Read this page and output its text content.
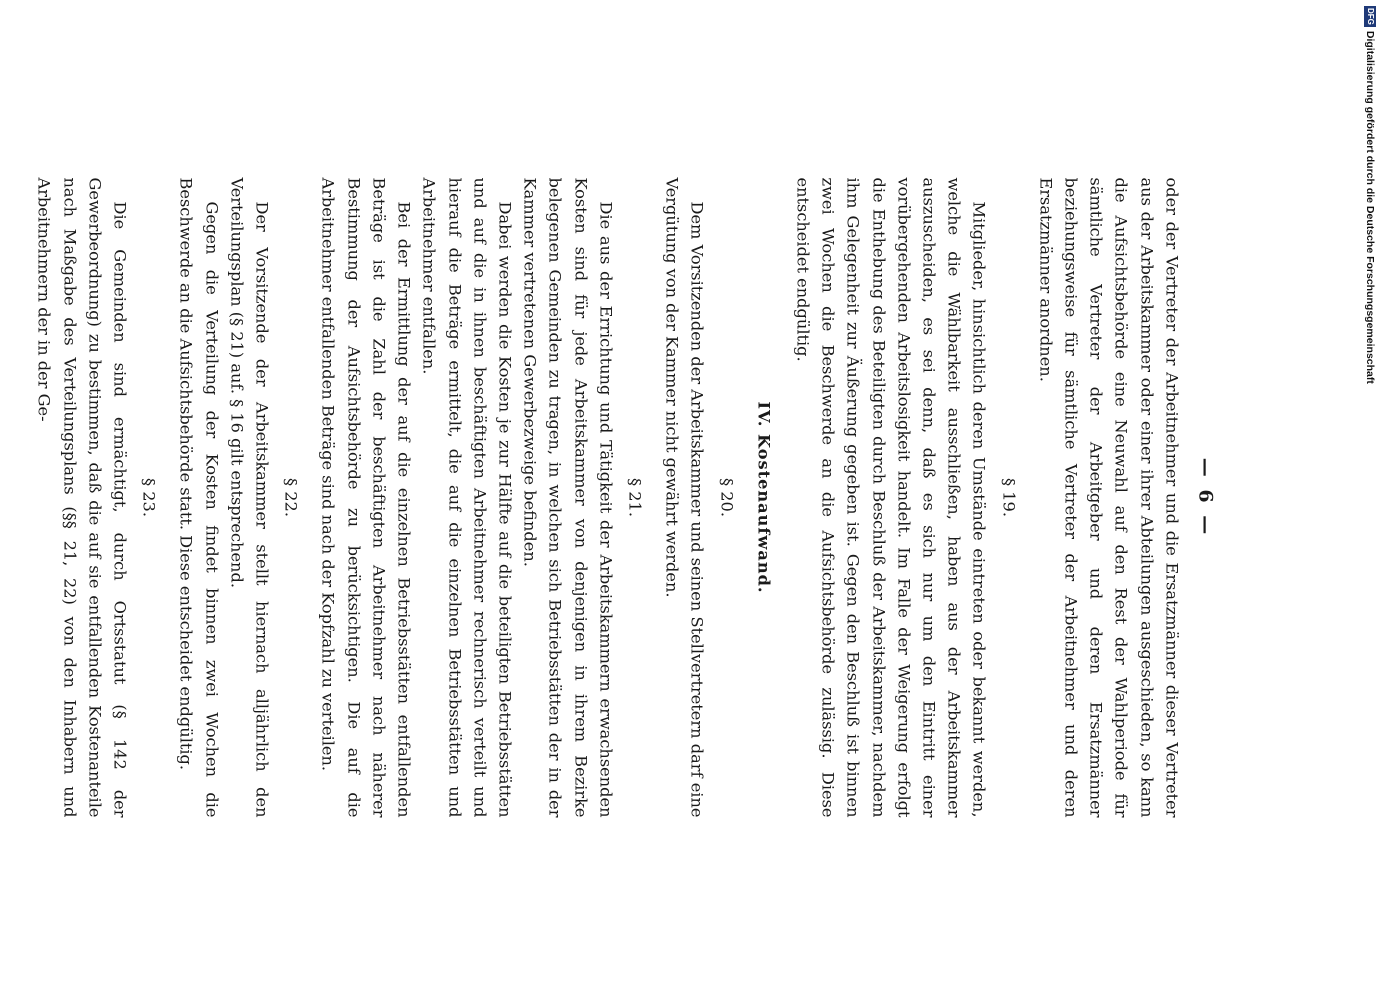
— 6 —

oder der Vertreter der Arbeitnehmer und die Ersatzmänner dieser Vertreter aus der Arbeitskammer oder einer ihrer Abteilungen ausgeschieden, so kann die Aufsichtsbehörde eine Neuwahl auf den Rest der Wahlperiode für sämtliche Vertreter der Arbeitgeber und deren Ersatzmänner beziehungsweise für sämtliche Vertreter der Arbeitnehmer und deren Ersatzmänner anordnen.

§ 19.

Mitglieder, hinsichtlich deren Umstände eintreten oder bekannt werden, welche die Wählbarkeit ausschließen, haben aus der Arbeitskammer auszuscheiden, es sei denn, daß es sich nur um den Eintritt einer vorübergehenden Arbeitslosigkeit handelt. Im Falle der Weigerung erfolgt die Enthebung des Beteiligten durch Beschluß der Arbeitskammer, nachdem ihm Gelegenheit zur Äußerung gegeben ist. Gegen den Beschluß ist binnen zwei Wochen die Beschwerde an die Aufsichtsbehörde zulässig. Diese entscheidet endgültig.

IV. Kostenaufwand.
§ 20.

Dem Vorsitzenden der Arbeitskammer und seinen Stellvertretern darf eine Vergütung von der Kammer nicht gewährt werden.

§ 21.

Die aus der Errichtung und Tätigkeit der Arbeitskammern erwachsenden Kosten sind für jede Arbeitskammer von denjenigen in ihrem Bezirke belegenen Gemeinden zu tragen, in welchen sich Betriebsstätten der in der Kammer vertretenen Gewerbezweige befinden.

Dabei werden die Kosten je zur Hälfte auf die beteiligten Betriebsstätten und auf die in ihnen beschäftigten Arbeitnehmer rechnerisch verteilt und hierauf die Beträge ermittelt, die auf die einzelnen Betriebsstätten und Arbeitnehmer entfallen.

Bei der Ermittlung der auf die einzelnen Betriebsstätten entfallenden Beträge ist die Zahl der beschäftigten Arbeitnehmer nach näherer Bestimmung der Aufsichtsbehörde zu berücksichtigen. Die auf die Arbeitnehmer entfallenden Beträge sind nach der Kopfzahl zu verteilen.

§ 22.

Der Vorsitzende der Arbeitskammer stellt hiernach alljährlich den Verteilungsplan (§ 21) auf. § 16 gilt entsprechend.

Gegen die Verteilung der Kosten findet binnen zwei Wochen die Beschwerde an die Aufsichtsbehörde statt. Diese entscheidet endgültig.

§ 23.

Die Gemeinden sind ermächtigt, durch Ortsstatut (§ 142 der Gewerbeordnung) zu bestimmen, daß die auf sie entfallenden Kostenanteile nach Maßgabe des Verteilungsplans (§§ 21, 22) von den Inhabern und Arbeitnehmern der in der Ge-

DFGDigitalisierung gefördert durch die Deutsche Forschungsgemeinschaft
